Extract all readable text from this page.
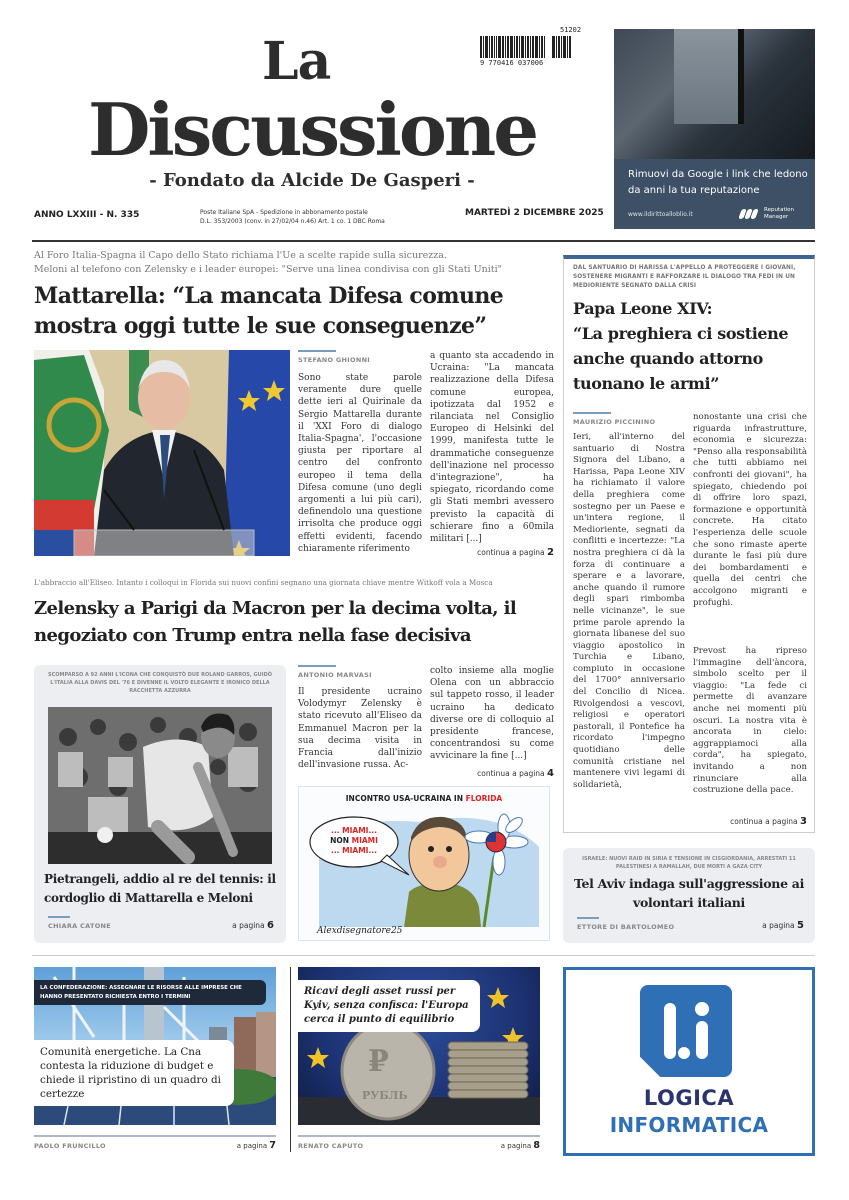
La
Discussione
- Fondato da Alcide De Gasperi -
9 770416 037006
51202
ANNO LXXIII - N. 335	Poste Italiane SpA - Spedizione in abbonamento postale
D.L. 353/2003 (conv. in 27/02/04 n.46) Art. 1 co. 1 DBC Roma
MARTEDÌ 2 DICEMBRE 2025
Rimuovi da Google i link che ledono da anni la tua reputazione
www.ildirittoalloblio.it
Reputation
Manager
Al Foro Italia-Spagna il Capo dello Stato richiama l'Ue a scelte rapide sulla sicurezza.
Meloni al telefono con Zelensky e i leader europei: "Serve una linea condivisa con gli Stati Uniti"
Mattarella: “La mancata Difesa comune mostra oggi tutte le sue conseguenze”
STEFANO GHIONNI
Sono state parole veramente dure quelle dette ieri al Quirinale da Sergio Mattarella durante il 'XXI Foro di dialogo Italia-Spagna', l'occasione giusta per riportare al centro del confronto europeo il tema della Difesa comune (uno degli argomenti a lui più cari), definendolo una questione irrisolta che produce oggi effetti evidenti, facendo chiaramente riferimento
a quanto sta accadendo in Ucraina: "La mancata realizzazione della Difesa comune europea, ipotizzata dal 1952 e rilanciata nel Consiglio Europeo di Helsinki del 1999, manifesta tutte le drammatiche conseguenze dell'inazione nel processo d'integrazione", ha spiegato, ricordando come gli Stati membri avessero previsto la capacità di schierare fino a 60mila militari [...]
continua a pagina 2
DAL SANTUARIO DI HARISSA L'APPELLO A PROTEGGERE I GIOVANI, SOSTENERE MIGRANTI E RAFFORZARE IL DIALOGO TRA FEDI IN UN MEDIORIENTE SEGNATO DALLA CRISI
Papa Leone XIV:
“La preghiera ci sostiene anche quando attorno tuonano le armi”
MAURIZIO PICCININO
Ieri, all'interno del santuario di Nostra Signora del Libano, a Harissa, Papa Leone XIV ha richiamato il valore della preghiera come sostegno per un Paese e un'intera regione, il Medioriente, segnati da conflitti e incertezze: "La nostra preghiera ci dà la forza di continuare a sperare e a lavorare, anche quando il rumore degli spari rimbomba nelle vicinanze", le sue prime parole aprendo la giornata libanese del suo viaggio apostolico in Turchia e Libano, compiuto in occasione del 1700° anniversario del Concilio di Nicea. Rivolgendosi a vescovi, religiosi e operatori pastorali, il Pontefice ha ricordato l'impegno quotidiano delle comunità cristiane nel mantenere vivi legami di solidarietà,
nonostante una crisi che riguarda infrastrutture, economia e sicurezza: "Penso alla responsabilità che tutti abbiamo nei confronti dei giovani", ha spiegato, chiedendo poi di offrire loro spazi, formazione e opportunità concrete. Ha citato l'esperienza delle scuole che sono rimaste aperte durante le fasi più dure dei bombardamenti e quella dei centri che accolgono migranti e profughi.
Prevost ha ripreso l'immagine dell'àncora, simbolo scelto per il viaggio: "La fede ci permette di avanzare anche nei momenti più oscuri. La nostra vita è ancorata in cielo: aggrappiamoci alla corda", ha spiegato, invitando a non rinunciare alla costruzione della pace.
continua a pagina 3
L'abbraccio all'Eliseo. Intanto i colloqui in Florida sui nuovi confini segnano una giornata chiave mentre Witkoff vola a Mosca
Zelensky a Parigi da Macron per la decima volta, il negoziato con Trump entra nella fase decisiva
ANTONIO MARVASI
Il presidente ucraino Volodymyr Zelensky è stato ricevuto all'Eliseo da Emmanuel Macron per la sua decima visita in Francia dall'inizio dell'invasione russa. Ac-
colto insieme alla moglie Olena con un abbraccio sul tappeto rosso, il leader ucraino ha dedicato diverse ore di colloquio al presidente francese, concentrandosi su come avvicinare la fine [...]
continua a pagina 4
Alexdisegnatore25
INCONTRO USA-UCRAINA IN FLORIDA
... MIAMI...
NON MIAMI
... MIAMI...
SCOMPARSO A 92 ANNI L'ICONA CHE CONQUISTÒ DUE ROLAND GARROS, GUIDÒ L'ITALIA ALLA DAVIS DEL '76 E DIVENNE IL VOLTO ELEGANTE E IRONICO DELLA RACCHETTA AZZURRA
Pietrangeli, addio al re del tennis: il cordoglio di Mattarella e Meloni
CHIARA CATONE	a pagina 6
ISRAELE: NUOVI RAID IN SIRIA E TENSIONE IN CISGIORDANIA, ARRESTATI 11 PALESTINESI A RAMALLAH, DUE MORTI A GAZA CITY
Tel Aviv indaga sull'aggressione ai volontari italiani
ETTORE DI BARTOLOMEO	a pagina 5
LA CONFEDERAZIONE: ASSEGNARE LE RISORSE ALLE IMPRESE CHE HANNO PRESENTATO RICHIESTA ENTRO I TERMINI
Comunità energetiche. La Cna contesta la riduzione di budget e chiede il ripristino di un quadro di certezze
PAOLO FRUNCILLO	a pagina 7
₽
РУБЛЬ
Ricavi degli asset russi per Kyiv, senza confisca: l'Europa cerca il punto di equilibrio
RENATO CAPUTO	a pagina 8
LOGICA
INFORMATICA
